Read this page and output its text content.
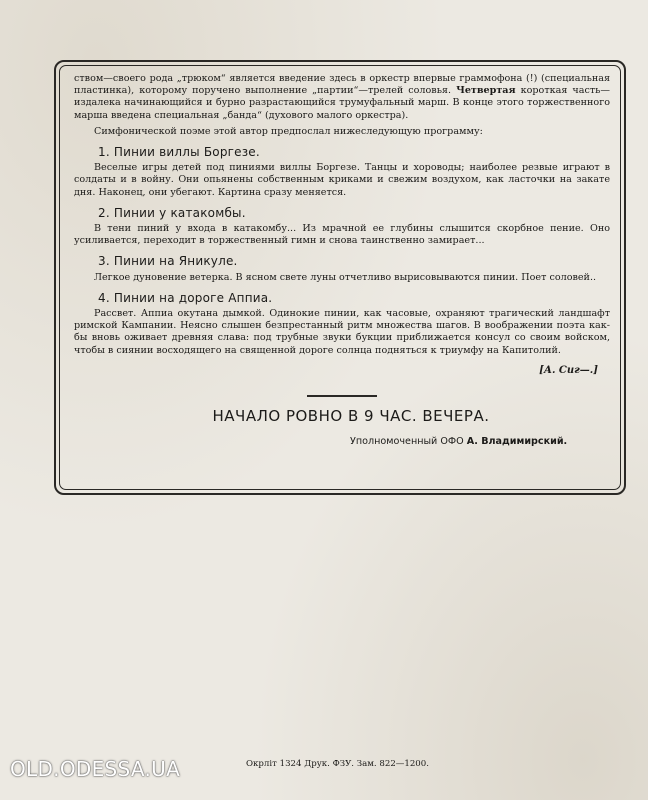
ством—своего рода „трюком“ является введение здесь в оркестр впервые граммофона (!) (специальная пластинка), которому поручено выполнение „партии“—трелей соловья. Четвертая короткая часть—издалека начинающийся и бурно разрастающийся трумуфальный марш. В конце этого торжественного марша введена специальная „банда“ (духового малого оркестра).

Симфонической поэме этой автор предпослал нижеследующую программу:

1. Пинии виллы Боргезе.

Веселые игры детей под пиниями виллы Боргезе. Танцы и хороводы; наиболее резвые играют в солдаты и в войну. Они опьянены собственным криками и свежим воздухом, как ласточки на закате дня. Наконец, они убегают. Картина сразу меняется.

2. Пинии у катакомбы.

В тени пиний у входа в катакомбу... Из мрачной ее глубины слышится скорбное пение. Оно усиливается, переходит в торжественный гимн и снова таинственно замирает...

3. Пинии на Яникуле.

Легкое дуновение ветерка. В ясном свете луны отчетливо вырисовываются пинии. Поет соловей..

4. Пинии на дороге Аппиа.

Рассвет. Аппиа окутана дымкой. Одинокие пинии, как часовые, охраняют трагический ландшафт римской Кампании. Неясно слышен безпрестанный ритм множества шагов. В воображении поэта как-бы вновь оживает древняя слава: под трубные звуки букции приближается консул со своим войском, чтобы в сиянии восходящего на священной дороге солнца подняться к триумфу на Капитолий.

[А. Сиг—.]
НАЧАЛО РОВНО В 9 ЧАС. ВЕЧЕРА.
Уполномоченный ОФО А. Владимирский.
Окрліт 1324 Друк. ФЗУ. Зам. 822—1200.
OLD.ODESSA.UA
